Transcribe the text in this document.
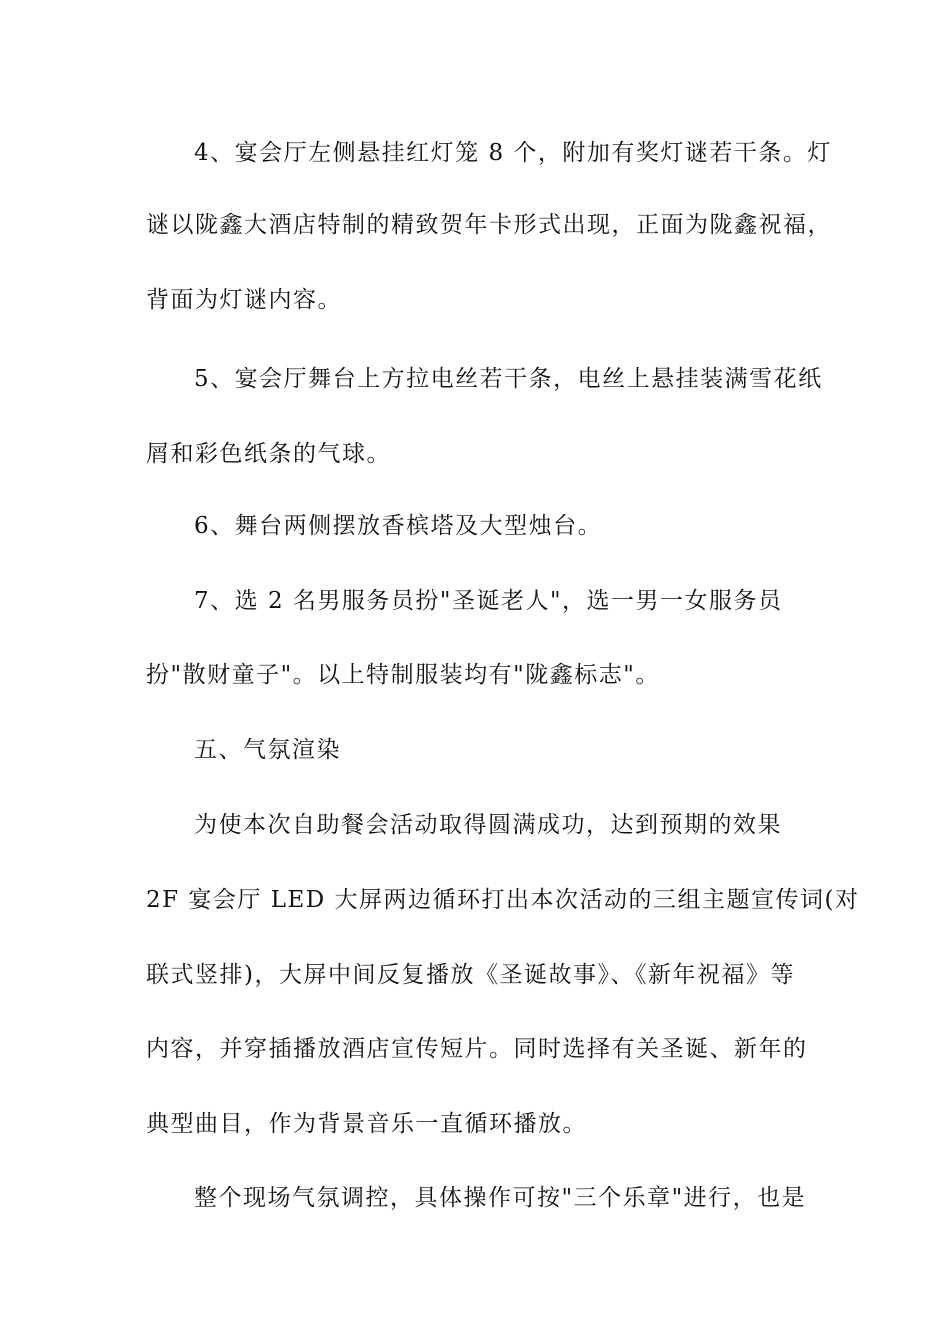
4、宴会厅左侧悬挂红灯笼 8 个，附加有奖灯谜若干条。灯
谜以陇鑫大酒店特制的精致贺年卡形式出现，正面为陇鑫祝福，
背面为灯谜内容。
5、宴会厅舞台上方拉电丝若干条，电丝上悬挂装满雪花纸
屑和彩色纸条的气球。
6、舞台两侧摆放香槟塔及大型烛台。
7、选 2 名男服务员扮"圣诞老人"，选一男一女服务员
扮"散财童子"。以上特制服装均有"陇鑫标志"。
五、气氛渲染
为使本次自助餐会活动取得圆满成功，达到预期的效果
2F 宴会厅 LED 大屏两边循环打出本次活动的三组主题宣传词(对
联式竖排)，大屏中间反复播放《圣诞故事》、《新年祝福》等
内容，并穿插播放酒店宣传短片。同时选择有关圣诞、新年的
典型曲目，作为背景音乐一直循环播放。
整个现场气氛调控，具体操作可按"三个乐章"进行，也是
